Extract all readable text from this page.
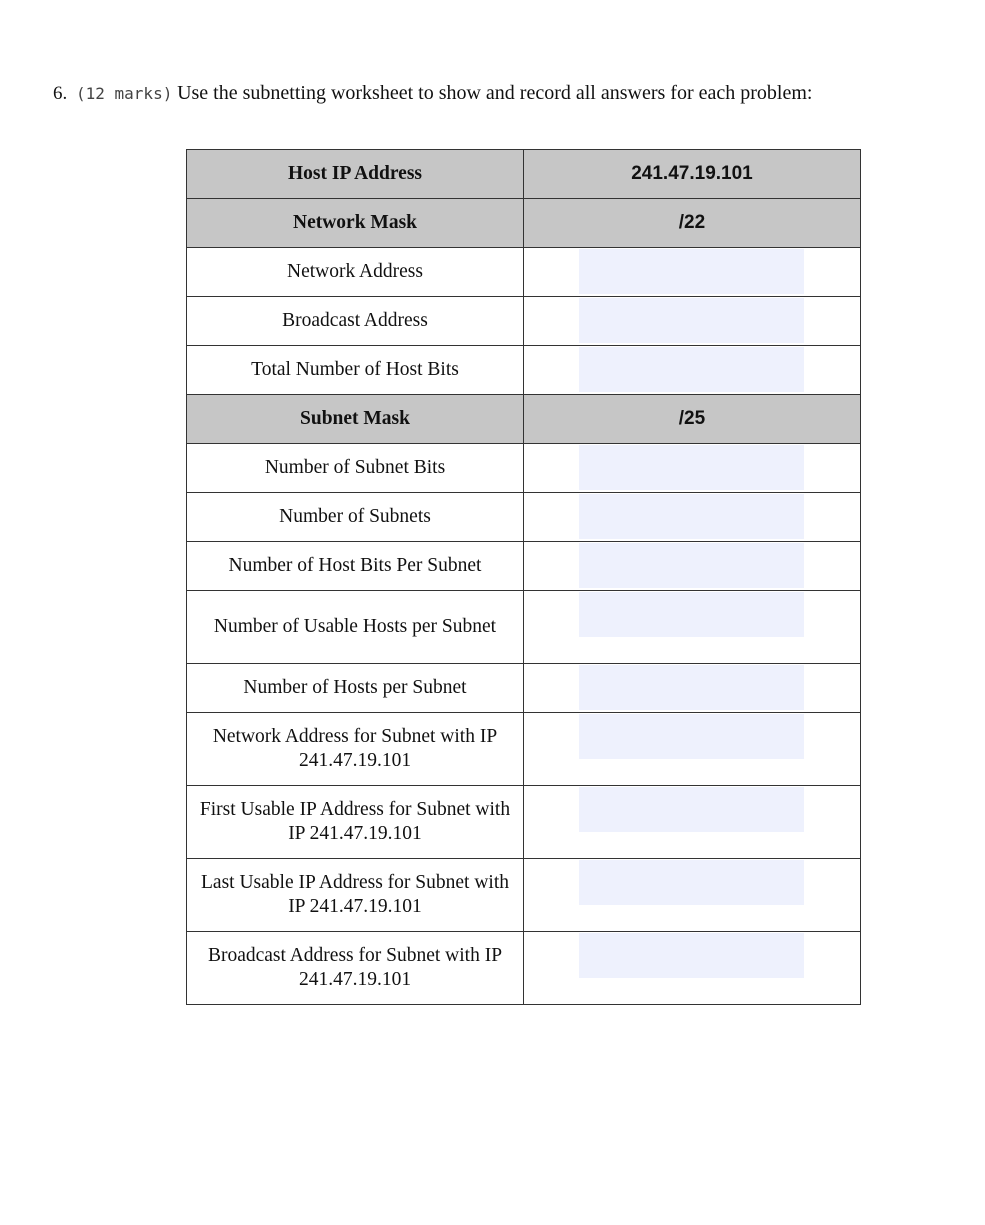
6. (12 marks) Use the subnetting worksheet to show and record all answers for each problem:
Host IP Address	241.47.19.101
Network Mask	/22
Network Address	

Broadcast Address	

Total Number of Host Bits	

Subnet Mask	/25
Number of Subnet Bits	

Number of Subnets	

Number of Host Bits Per Subnet	

Number of Usable Hosts per Subnet	

Number of Hosts per Subnet	

Network Address for Subnet with IP 241.47.19.101	

First Usable IP Address for Subnet with IP 241.47.19.101	

Last Usable IP Address for Subnet with IP 241.47.19.101	

Broadcast Address for Subnet with IP 241.47.19.101	
